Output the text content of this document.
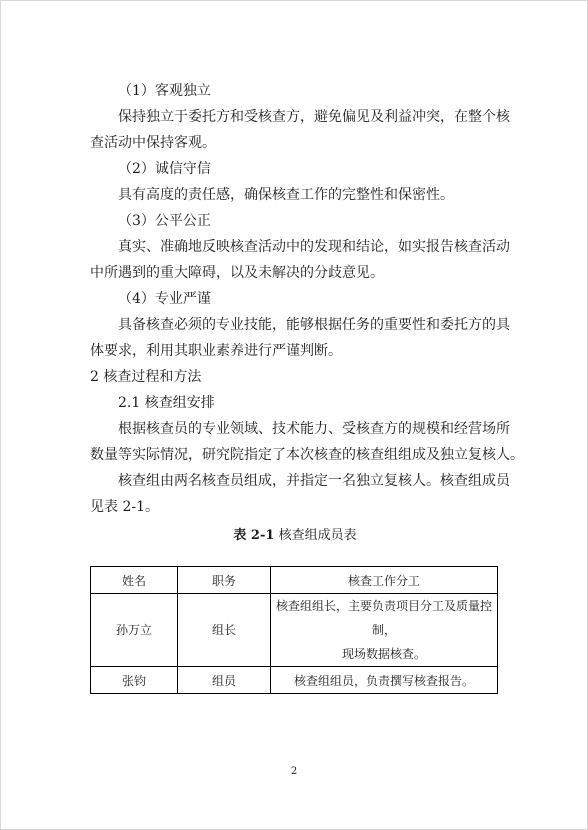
（1）客观独立

保持独立于委托方和受核查方，避免偏见及利益冲突，在整个核

查活动中保持客观。

（2）诚信守信

具有高度的责任感，确保核查工作的完整性和保密性。

（3）公平公正

真实、准确地反映核查活动中的发现和结论，如实报告核查活动

中所遇到的重大障碍，以及未解决的分歧意见。

（4）专业严谨

具备核查必须的专业技能，能够根据任务的重要性和委托方的具

体要求，利用其职业素养进行严谨判断。

2 核查过程和方法

2.1 核查组安排

根据核查员的专业领域、技术能力、受核查方的规模和经营场所

数量等实际情况，研究院指定了本次核查的核查组组成及独立复核人。

核查组由两名核查员组成，并指定一名独立复核人。核查组成员

见表 2-1。

表 2-1 核查组成员表

姓名	职务	核查工作分工
孙万立	组长	核查组组长，主要负责项目分工及质量控制，
现场数据核查。

张钧	组员	核查组组员，负责撰写核查报告。
2
